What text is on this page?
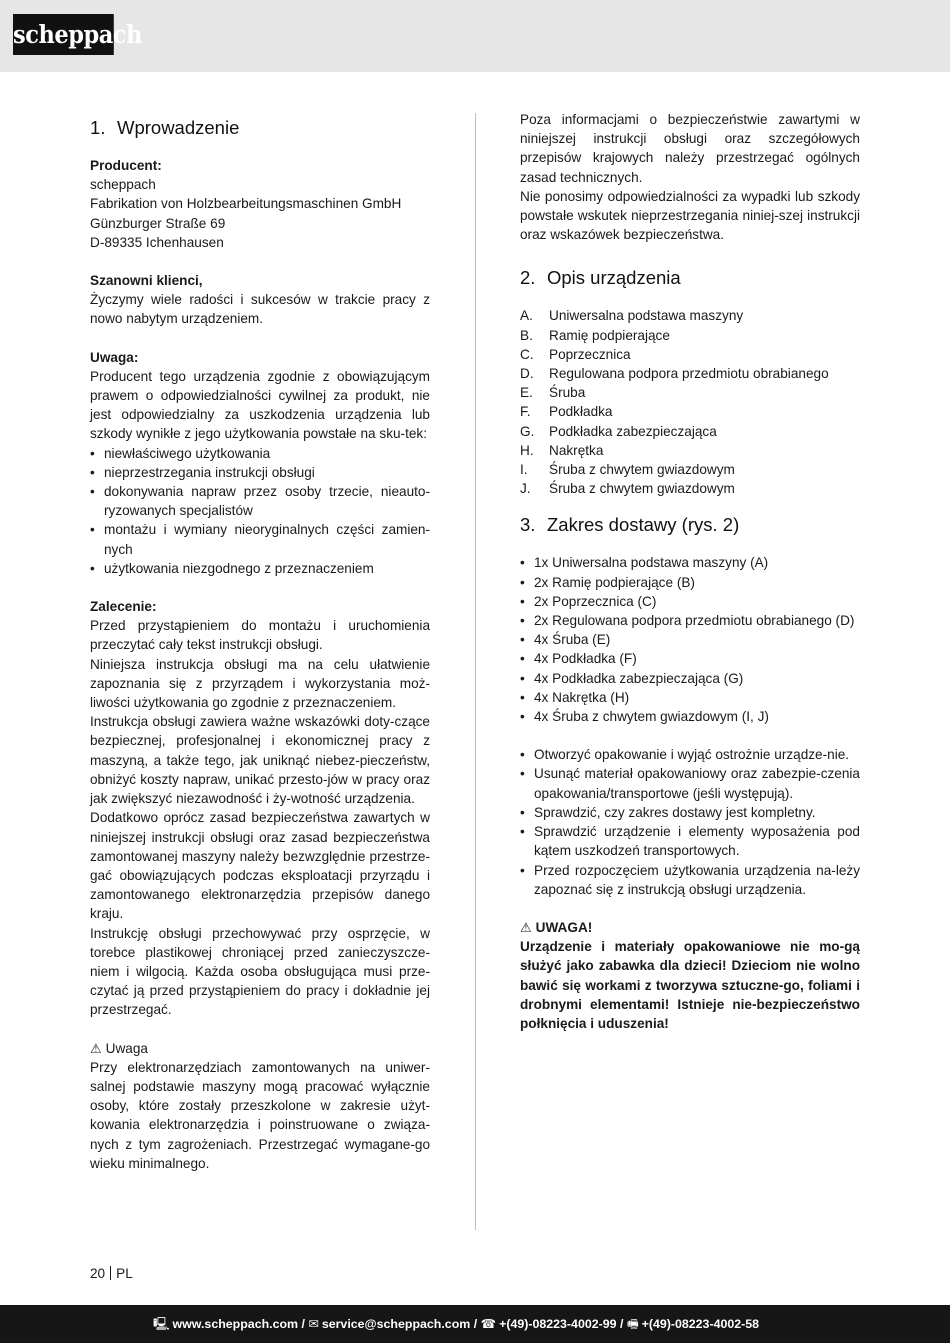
scheppach
1. Wprowadzenie

Producent:

scheppach
Fabrikation von Holzbearbeitungsmaschinen GmbH
Günzburger Straße 69
D-89335 Ichenhausen

Szanowni klienci,

Życzymy wiele radości i sukcesów w trakcie pracy z nowo nabytym urządzeniem.

Uwaga:

Producent tego urządzenia zgodnie z obowiązującym prawem o odpowiedzialności cywilnej za produkt, nie jest odpowiedzialny za uszkodzenia urządzenia lub szkody wynikłe z jego użytkowania powstałe na sku-tek:

• niewłaściwego użytkowania
• nieprzestrzegania instrukcji obsługi
• dokonywania napraw przez osoby trzecie, nieauto-ryzowanych specjalistów
• montażu i wymiany nieoryginalnych części zamien-nych
• użytkowania niezgodnego z przeznaczeniem

Zalecenie:

Przed przystąpieniem do montażu i uruchomienia przeczytać cały tekst instrukcji obsługi.

Niniejsza instrukcja obsługi ma na celu ułatwienie zapoznania się z przyrządem i wykorzystania moż-liwości użytkowania go zgodnie z przeznaczeniem.

Instrukcja obsługi zawiera ważne wskazówki doty-czące bezpiecznej, profesjonalnej i ekonomicznej pracy z maszyną, a także tego, jak uniknąć niebez-pieczeństw, obniżyć koszty napraw, unikać przesto-jów w pracy oraz jak zwiększyć niezawodność i ży-wotność urządzenia.

Dodatkowo oprócz zasad bezpieczeństwa zawartych w niniejszej instrukcji obsługi oraz zasad bezpieczeństwa zamontowanej maszyny należy bezwzględnie przestrze-gać obowiązujących podczas eksploatacji przyrządu i zamontowanego elektronarzędzia przepisów danego kraju.

Instrukcję obsługi przechowywać przy osprzęcie, w torebce plastikowej chroniącej przed zanieczyszcze-niem i wilgocią. Każda osoba obsługująca musi prze-czytać ją przed przystąpieniem do pracy i dokładnie jej przestrzegać.

⚠ Uwaga

Przy elektronarzędziach zamontowanych na uniwer-salnej podstawie maszyny mogą pracować wyłącznie osoby, które zostały przeszkolone w zakresie użyt-kowania elektronarzędzia i poinstruowane o związa-nych z tym zagrożeniach. Przestrzegać wymagane-go wieku minimalnego.

Poza informacjami o bezpieczeństwie zawartymi w niniejszej instrukcji obsługi oraz szczegółowych przepisów krajowych należy przestrzegać ogólnych zasad technicznych.

Nie ponosimy odpowiedzialności za wypadki lub szkody powstałe wskutek nieprzestrzegania niniej-szej instrukcji oraz wskazówek bezpieczeństwa.

2. Opis urządzenia
A.	Uniwersalna podstawa maszyny
B.	Ramię podpierające
C.	Poprzecznica
D.	Regulowana podpora przedmiotu obrabianego
E.	Śruba
F.	Podkładka
G.	Podkładka zabezpieczająca
H.	Nakrętka
I.	Śruba z chwytem gwiazdowym
J.	Śruba z chwytem gwiazdowym
3. Zakres dostawy (rys. 2)
• 1x Uniwersalna podstawa maszyny (A)
• 2x Ramię podpierające (B)
• 2x Poprzecznica (C)
• 2x Regulowana podpora przedmiotu obrabianego (D)
• 4x Śruba (E)
• 4x Podkładka (F)
• 4x Podkładka zabezpieczająca (G)
• 4x Nakrętka (H)
• 4x Śruba z chwytem gwiazdowym (I, J)
• Otworzyć opakowanie i wyjąć ostrożnie urządze-nie.
• Usunąć materiał opakowaniowy oraz zabezpie-czenia opakowania/transportowe (jeśli występują).
• Sprawdzić, czy zakres dostawy jest kompletny.
• Sprawdzić urządzenie i elementy wyposażenia pod kątem uszkodzeń transportowych.
• Przed rozpoczęciem użytkowania urządzenia na-leży zapoznać się z instrukcją obsługi urządzenia.

⚠ UWAGA!

Urządzenie i materiały opakowaniowe nie mo-gą służyć jako zabawka dla dzieci! Dzieciom nie wolno bawić się workami z tworzywa sztuczne-go, foliami i drobnymi elementami! Istnieje nie-bezpieczeństwo połknięcia i uduszenia!

20 PL
🖳 www.scheppach.com / ✉ service@scheppach.com / ☎ +(49)-08223-4002-99 / 🖷 +(49)-08223-4002-58
